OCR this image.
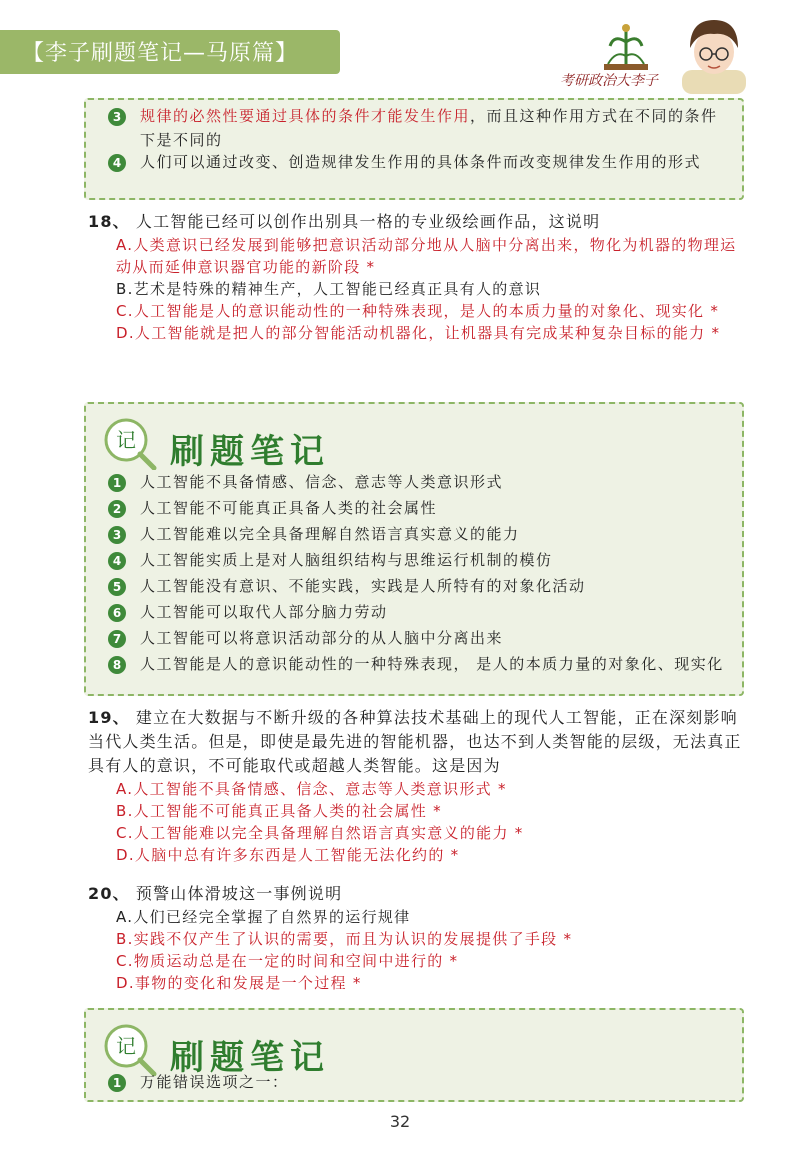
【李子刷题笔记—马原篇】
考研政治大李子
3	规律的必然性要通过具体的条件才能发生作用，而且这种作用方式在不同的条件下是不同的
4	人们可以通过改变、创造规律发生作用的具体条件而改变规律发生作用的形式
18、 人工智能已经可以创作出别具一格的专业级绘画作品，这说明
A.人类意识已经发展到能够把意识活动部分地从人脑中分离出来，物化为机器的物理运动从而延伸意识器官功能的新阶段 *
B.艺术是特殊的精神生产，人工智能已经真正具有人的意识
C.人工智能是人的意识能动性的一种特殊表现，是人的本质力量的对象化、现实化 *
D.人工智能就是把人的部分智能活动机器化，让机器具有完成某种复杂目标的能力 *
记 刷题笔记
1	人工智能不具备情感、信念、意志等人类意识形式
2	人工智能不可能真正具备人类的社会属性
3	人工智能难以完全具备理解自然语言真实意义的能力
4	人工智能实质上是对人脑组织结构与思维运行机制的模仿
5	人工智能没有意识、不能实践，实践是人所特有的对象化活动
6	人工智能可以取代人部分脑力劳动
7	人工智能可以将意识活动部分的从人脑中分离出来
8	人工智能是人的意识能动性的一种特殊表现， 是人的本质力量的对象化、现实化
19、 建立在大数据与不断升级的各种算法技术基础上的现代人工智能，正在深刻影响当代人类生活。但是，即使是最先进的智能机器，也达不到人类智能的层级，无法真正具有人的意识，不可能取代或超越人类智能。这是因为
A.人工智能不具备情感、信念、意志等人类意识形式 *
B.人工智能不可能真正具备人类的社会属性 *
C.人工智能难以完全具备理解自然语言真实意义的能力 *
D.人脑中总有许多东西是人工智能无法化约的 *
20、 预警山体滑坡这一事例说明
A.人们已经完全掌握了自然界的运行规律
B.实践不仅产生了认识的需要，而且为认识的发展提供了手段 *
C.物质运动总是在一定的时间和空间中进行的 *
D.事物的变化和发展是一个过程 *
记 刷题笔记
1	万能错误选项之一：
32
